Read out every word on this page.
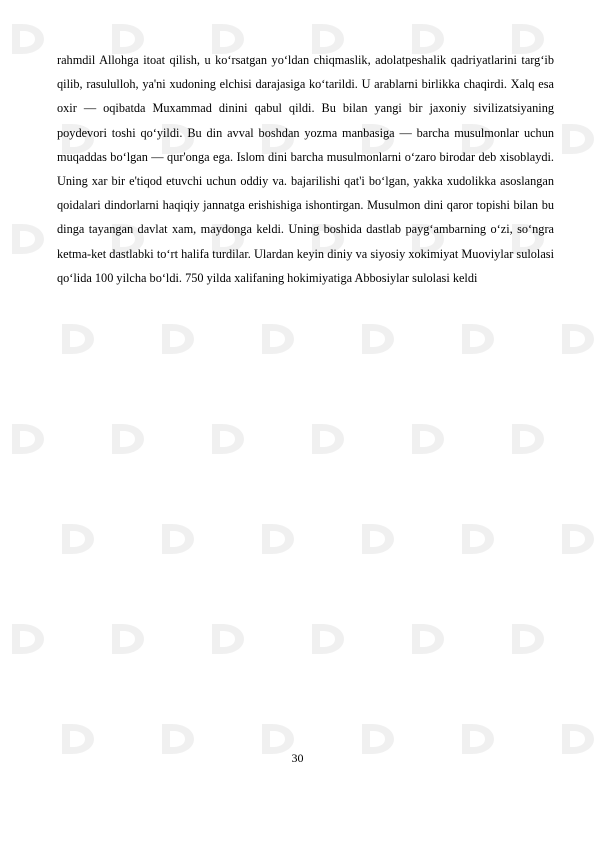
rahmdil Allohga itoat qilish, u ko‘rsatgan yo‘ldan chiqmaslik, adolatpeshalik qadriyatlarini targ‘ib qilib, rasululloh, ya'ni xudoning elchisi darajasiga ko‘tarildi. U arablarni birlikka chaqirdi. Xalq esa oxir — oqibatda Muxammad dinini qabul qildi. Bu bilan yangi bir jaxoniy sivilizatsiyaning poydevori toshi qo‘yildi. Bu din avval boshdan yozma manbasiga — barcha musulmonlar uchun muqaddas bo‘lgan — qur'onga ega. Islom dini barcha musulmonlarni o‘zaro birodar deb xisoblaydi. Uning xar bir e'tiqod etuvchi uchun oddiy va. bajarilishi qat'i bo‘lgan, yakka xudolikka asoslangan qoidalari dindorlarni haqiqiy jannatga erishishiga ishontirgan. Musulmon dini qaror topishi bilan bu dinga tayangan davlat xam, maydonga keldi. Uning boshida dastlab payg‘ambarning o‘zi, so‘ngra ketma-ket dastlabki to‘rt halifa turdilar. Ulardan keyin diniy va siyosiy xokimiyat Muoviylar sulolasi qo‘lida 100 yilcha bo‘ldi. 750 yilda xalifaning hokimiyatiga Abbosiylar sulolasi keldi

30
